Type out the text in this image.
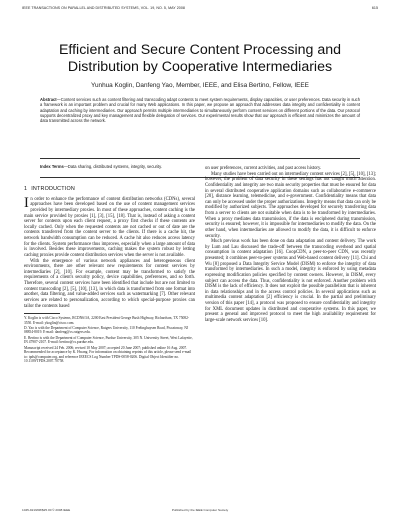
IEEE TRANSACTIONS ON PARALLEL AND DISTRIBUTED SYSTEMS, VOL. 19, NO. 5, MAY 2008	615
Efficient and Secure Content Processing and Distribution by Cooperative Intermediaries
Yunhua Koglin, Danfeng Yao, Member, IEEE, and Elisa Bertino, Fellow, IEEE
Abstract—Content services such as content filtering and transcoding adapt contents to meet system requirements, display capacities, or user preferences. Data security in such a framework is an important problem and crucial for many Web applications. In this paper, we propose an approach that addresses data integrity and confidentiality in content adaptation and caching by intermediaries. Our approach permits multiple intermediaries to simultaneously perform content services on different portions of the data. Our protocol supports decentralized proxy and key management and flexible delegation of services. Our experimental results show that our approach is efficient and minimizes the amount of data transmitted across the network.
Index Terms—Data sharing, distributed systems, integrity, security.
1 INTRODUCTION

In order to enhance the performance of content distribution networks (CDNs), several approaches have been developed based on the use of content management services provided by intermediary proxies. In most of these approaches, content caching is the main service provided by proxies [1], [3], [15], [18]. That is, instead of asking a content server for contents upon each client request, a proxy first checks if these contents are locally cached. Only when the requested contents are not cached or out of date are the contents transferred from the content server to the clients. If there is a cache hit, the network bandwidth consumption can be reduced. A cache hit also reduces access latency for the clients. System performance thus improves, especially when a large amount of data is involved. Besides these improvements, caching makes the system robust by letting caching proxies provide content distribution services when the server is not available.

With the emergence of various network appliances and heterogeneous client environments, there are other relevant new requirements for content services by intermediaries [2], [10]. For example, content may be transformed to satisfy the requirements of a client's security policy, device capabilities, preferences, and so forth. Therefore, several content services have been identified that include but are not limited to content transcoding [2], [5], [10], [13], in which data is transformed from one format into another, data filtering, and value-added services such as watermarking [7]. Other relevant services are related to personalization, according to which special-purpose proxies can tailor the contents based

Y. Koglin is with Cisco Systems, RCDN6/3A, 2200 East President George Bush Highway, Richardson, TX 75082-3550. E-mail: ykoglin@cisco.com.
D. Yao is with the Department of Computer Science, Rutgers University, 110 Frelinghuysen Road, Piscataway, NJ 08854-8019. E-mail: danfeng@cs.rutgers.edu.
E. Bertino is with the Department of Computer Science, Purdue University, 305 N. University Street, West Lafayette, IN 47907-2107. E-mail: bertino@cs.purdue.edu.
Manuscript received 24 Feb. 2006; revised 10 May 2007; accepted 20 June 2007; published online 16 Aug. 2007. Recommended for acceptance by K. Hwang. For information on obtaining reprints of this article, please send e-mail to: tpds@computer.org, and reference IEEECS Log Number TPDS-0058-0206. Digital Object Identifier no. 10.1109/TPDS.2007.70758.

on user preferences, current activities, and past access history.

Many studies have been carried out on intermediary content services [2], [5], [10], [13]; however, the problem of data security in these settings has not caught much attention. Confidentiality and integrity are two main security properties that must be ensured for data in several distributed cooperative application domains such as collaborative e-commerce [20], distance learning, telemedicine, and e-government. Confidentiality means that data can only be accessed under the proper authorizations. Integrity means that data can only be modified by authorized subjects. The approaches developed for securely transferring data from a server to clients are not suitable when data is to be transformed by intermediaries. When a proxy mediates data transmission, if the data is enciphered during transmission, security is ensured; however, it is impossible for intermediaries to modify the data. On the other hand, when intermediaries are allowed to modify the data, it is difficult to enforce security.

Much previous work has been done on data adaptation and content delivery. The work by Lum and Lau discussed the trade-off between the transcoding overhead and spatial consumption in content adaptation [16]. CoopCDN, a peer-to-peer CDN, was recently presented; it combines peer-to-peer systems and Web-based content delivery [11]. Chi and Wu [8] proposed a Data Integrity Service Model (DISM) to enforce the integrity of data transformed by intermediaries. In such a model, integrity is enforced by using metadata expressing modification policies specified by content owners. However, in DISM, every subject can access the data. Thus, confidentiality is not enforced. Another problem with DISM is the lack of efficiency. It does not exploit the possible parallelism that is inherent in data relationships and in the access control policies. In several applications such as multimedia content adaptation [2] efficiency is crucial. In the partial and preliminary version of this paper [14], a protocol was proposed to ensure confidentiality and integrity for XML document updates in distributed and cooperative systems. In this paper, we present a general and improved protocol to meet the high availability requirement for large-scale network services [10].

1045-9219/08/$25.00 © 2008 IEEE	Published by the IEEE Computer Society
